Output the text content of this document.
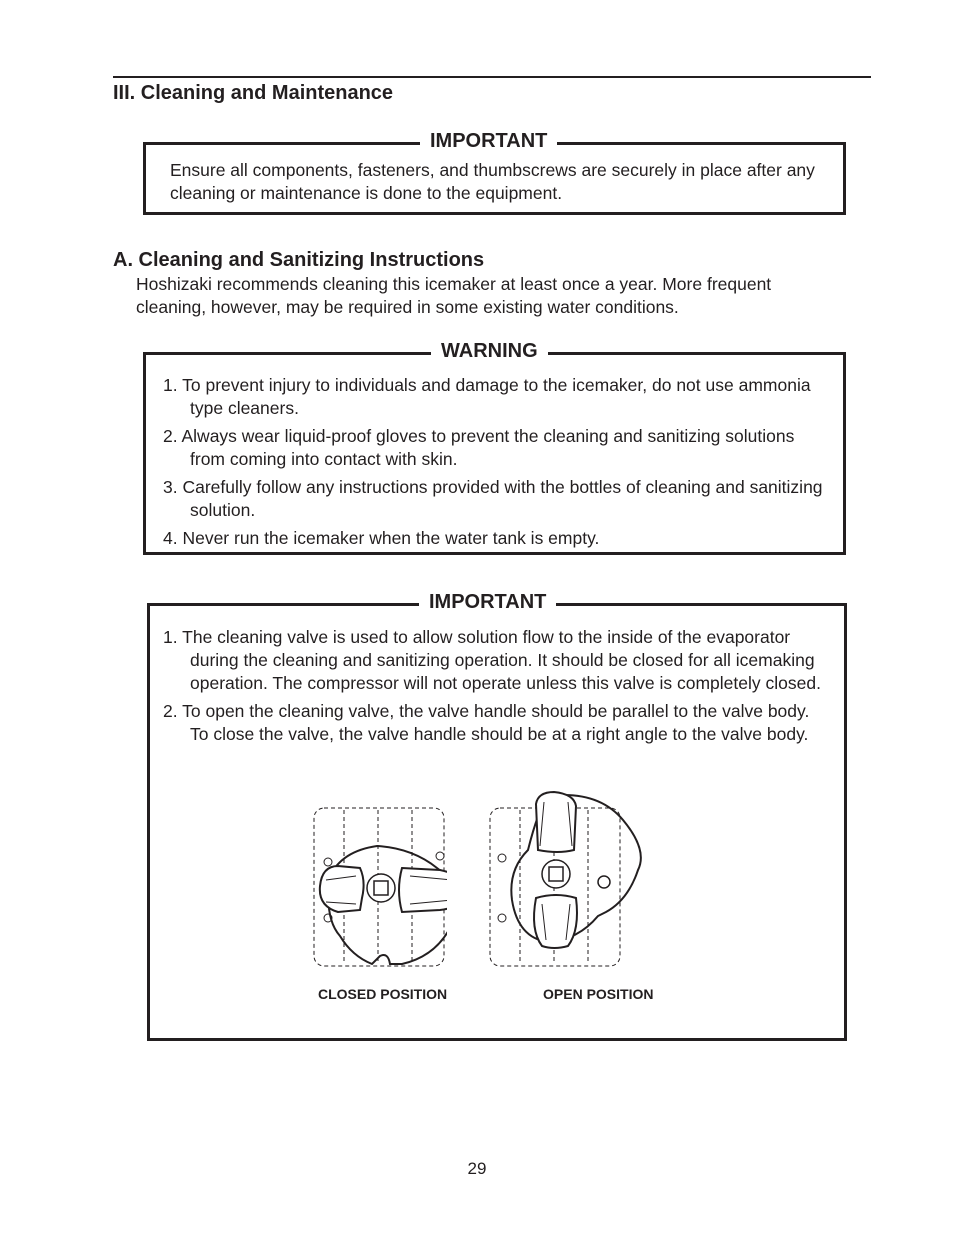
III. Cleaning and Maintenance
IMPORTANT
Ensure all components, fasteners, and thumbscrews are securely in place after any cleaning or maintenance is done to the equipment.
A. Cleaning and Sanitizing Instructions
Hoshizaki recommends cleaning this icemaker at least once a year. More frequent cleaning, however, may be required in some existing water conditions.
WARNING
1. To prevent injury to individuals and damage to the icemaker, do not use ammonia type cleaners.
2. Always wear liquid-proof gloves to prevent the cleaning and sanitizing solutions from coming into contact with skin.
3. Carefully follow any instructions provided with the bottles of cleaning and sanitizing solution.
4. Never run the icemaker when the water tank is empty.
IMPORTANT
1. The cleaning valve is used to allow solution flow to the inside of the evaporator during the cleaning and sanitizing operation. It should be closed for all icemaking operation. The compressor will not operate unless this valve is completely closed.
2. To open the cleaning valve, the valve handle should be parallel to the valve body. To close the valve, the valve handle should be at a right angle to the valve body.
CLOSED POSITION	OPEN POSITION
29
